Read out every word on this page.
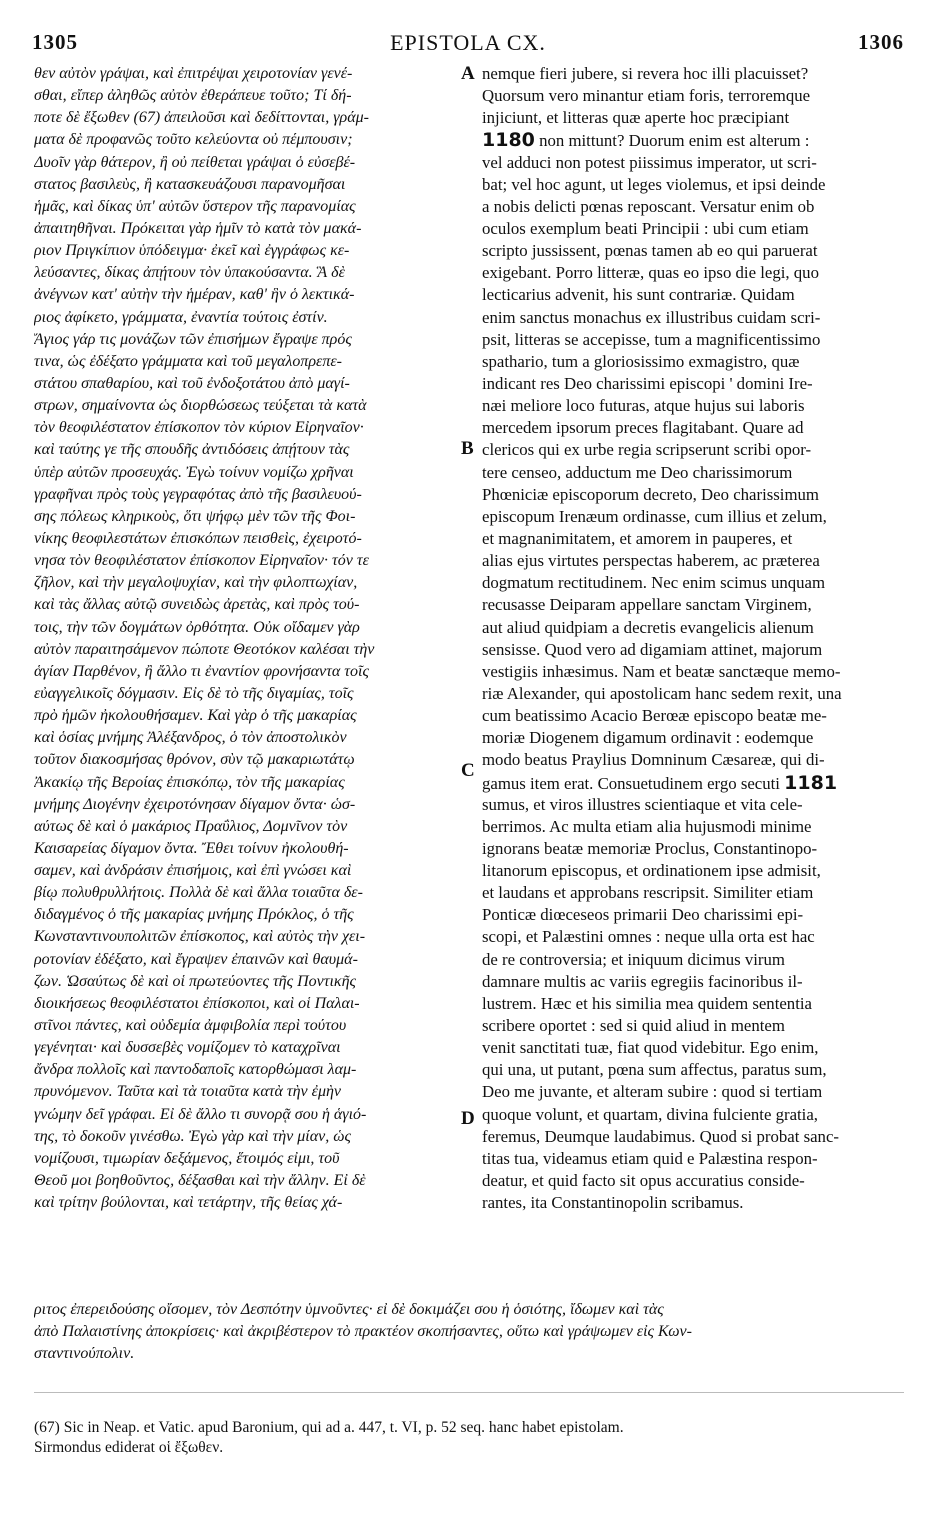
1305	EPISTOLA CX.	1306
θεν αὐτὸν γράψαι, καὶ ἐπιτρέψαι χειροτονίαν γενέ-
σθαι, εἴπερ ἀληθῶς αὐτὸν ἐθεράπευε τοῦτο; Τί δή-
ποτε δὲ ἔξωθεν (67) ἀπειλοῦσι καὶ δεδίττονται, γράμ-
ματα δὲ προφανῶς τοῦτο κελεύοντα οὐ πέμπουσιν;
Δυοῖν γὰρ θάτερον, ἢ οὐ πείθεται γράψαι ὁ εὐσεβέ-
στατος βασιλεὺς, ἢ κατασκευάζουσι παρανομῆσαι
ἡμᾶς, καὶ δίκας ὑπ' αὐτῶν ὕστερον τῆς παρανομίας
ἀπαιτηθῆναι. Πρόκειται γὰρ ἡμῖν τὸ κατὰ τὸν μακά-
ριον Πριγκίπιον ὑπόδειγμα· ἐκεῖ καὶ ἐγγράφως κε-
λεύσαντες, δίκας ἀπῄτουν τὸν ὑπακούσαντα. Ἃ δὲ
ἀνέγνων κατ' αὐτὴν τὴν ἡμέραν, καθ' ἣν ὁ λεκτικά-
ριος ἀφίκετο, γράμματα, ἐναντία τούτοις ἐστίν.
Ἅγιος γάρ τις μονάζων τῶν ἐπισήμων ἔγραψε πρός
τινα, ὡς ἐδέξατο γράμματα καὶ τοῦ μεγαλοπρεπε-
στάτου σπαθαρίου, καὶ τοῦ ἐνδοξοτάτου ἀπὸ μαγί-
στρων, σημαίνοντα ὡς διορθώσεως τεύξεται τὰ κατὰ
τὸν θεοφιλέστατον ἐπίσκοπον τὸν κύριον Εἰρηναῖον·
καὶ ταύτης γε τῆς σπουδῆς ἀντιδόσεις ἀπῄτουν τὰς
ὑπὲρ αὐτῶν προσευχάς. Ἐγὼ τοίνυν νομίζω χρῆναι
γραφῆναι πρὸς τοὺς γεγραφότας ἀπὸ τῆς βασιλευού-
σης πόλεως κληρικοὺς, ὅτι ψήφῳ μὲν τῶν τῆς Φοι-
νίκης θεοφιλεστάτων ἐπισκόπων πεισθεὶς, ἐχειροτό-
νησα τὸν θεοφιλέστατον ἐπίσκοπον Εἰρηναῖον· τόν τε
ζῆλον, καὶ τὴν μεγαλοψυχίαν, καὶ τὴν φιλοπτωχίαν,
καὶ τὰς ἄλλας αὐτῷ συνειδὼς ἀρετὰς, καὶ πρὸς τού-
τοις, τὴν τῶν δογμάτων ὀρθότητα. Οὐκ οἴδαμεν γὰρ
αὐτὸν παραιτησάμενον πώποτε Θεοτόκον καλέσαι τὴν
ἁγίαν Παρθένον, ἢ ἄλλο τι ἐναντίον φρονήσαντα τοῖς
εὐαγγελικοῖς δόγμασιν. Εἰς δὲ τὸ τῆς διγαμίας, τοῖς
πρὸ ἡμῶν ἠκολουθήσαμεν. Καὶ γὰρ ὁ τῆς μακαρίας
καὶ ὁσίας μνήμης Ἀλέξανδρος, ὁ τὸν ἀποστολικὸν
τοῦτον διακοσμήσας θρόνον, σὺν τῷ μακαριωτάτῳ
Ἀκακίῳ τῆς Βεροίας ἐπισκόπῳ, τὸν τῆς μακαρίας
μνήμης Διογένην ἐχειροτόνησαν δίγαμον ὄντα· ὡσ-
αύτως δὲ καὶ ὁ μακάριος Πραΰλιος, Δομνῖνον τὸν
Καισαρείας δίγαμον ὄντα. Ἔθει τοίνυν ἠκολουθή-
σαμεν, καὶ ἀνδράσιν ἐπισήμοις, καὶ ἐπὶ γνώσει καὶ
βίῳ πολυθρυλλήτοις. Πολλὰ δὲ καὶ ἄλλα τοιαῦτα δε-
διδαγμένος ὁ τῆς μακαρίας μνήμης Πρόκλος, ὁ τῆς
Κωνσταντινουπολιτῶν ἐπίσκοπος, καὶ αὐτὸς τὴν χει-
ροτονίαν ἐδέξατο, καὶ ἔγραψεν ἐπαινῶν καὶ θαυμά-
ζων. Ὡσαύτως δὲ καὶ οἱ πρωτεύοντες τῆς Ποντικῆς
διοικήσεως θεοφιλέστατοι ἐπίσκοποι, καὶ οἱ Παλαι-
στῖνοι πάντες, καὶ οὐδεμία ἀμφιβολία περὶ τούτου
γεγένηται· καὶ δυσσεβὲς νομίζομεν τὸ καταχρῖναι
ἄνδρα πολλοῖς καὶ παντοδαποῖς κατορθώμασι λαμ-
πρυνόμενον. Ταῦτα καὶ τὰ τοιαῦτα κατὰ τὴν ἐμὴν
γνώμην δεῖ γράφαι. Εἰ δὲ ἄλλο τι συνορᾷ σου ἡ ἁγιό-
της, τὸ δοκοῦν γινέσθω. Ἐγὼ γὰρ καὶ τὴν μίαν, ὡς
νομίζουσι, τιμωρίαν δεξάμενος, ἕτοιμός εἰμι, τοῦ
Θεοῦ μοι βοηθοῦντος, δέξασθαι καὶ τὴν ἄλλην. Εἰ δὲ
καὶ τρίτην βούλονται, καὶ τετάρτην, τῆς θείας χά-
nemque fieri jubere, si revera hoc illi placuisset?
Quorsum vero minantur etiam foris, terroremque
injiciunt, et litteras quæ aperte hoc præcipiant
1180 non mittunt? Duorum enim est alterum :
vel adduci non potest piissimus imperator, ut scri-
bat; vel hoc agunt, ut leges violemus, et ipsi deinde
a nobis delicti pœnas reposcant. Versatur enim ob
oculos exemplum beati Principii : ubi cum etiam
scripto jussissent, pœnas tamen ab eo qui paruerat
exigebant. Porro litteræ, quas eo ipso die legi, quo
lecticarius advenit, his sunt contrariæ. Quidam
enim sanctus monachus ex illustribus cuidam scri-
psit, litteras se accepisse, tum a magnificentissimo
spathario, tum a gloriosissimo exmagistro, quæ
indicant res Deo charissimi episcopi ' domini Ire-
næi meliore loco futuras, atque hujus sui laboris
mercedem ipsorum preces flagitabant. Quare ad
clericos qui ex urbe regia scripserunt scribi opor-
tere censeo, adductum me Deo charissimorum
Phœniciæ episcoporum decreto, Deo charissimum
episcopum Irenæum ordinasse, cum illius et zelum,
et magnanimitatem, et amorem in pauperes, et
alias ejus virtutes perspectas haberem, ac præterea
dogmatum rectitudinem. Nec enim scimus unquam
recusasse Deiparam appellare sanctam Virginem,
aut aliud quidpiam a decretis evangelicis alienum
sensisse. Quod vero ad digamiam attinet, majorum
vestigiis inhæsimus. Nam et beatæ sanctæque memo-
riæ Alexander, qui apostolicam hanc sedem rexit, una
cum beatissimo Acacio Berœæ episcopo beatæ me-
moriæ Diogenem digamum ordinavit : eodemque
modo beatus Praylius Domninum Cæsareæ, qui di-
gamus item erat. Consuetudinem ergo secuti 1181
sumus, et viros illustres scientiaque et vita cele-
berrimos. Ac multa etiam alia hujusmodi minime
ignorans beatæ memoriæ Proclus, Constantinopo-
litanorum episcopus, et ordinationem ipse admisit,
et laudans et approbans rescripsit. Similiter etiam
Ponticæ diœceseos primarii Deo charissimi epi-
scopi, et Palæstini omnes : neque ulla orta est hac
de re controversia; et iniquum dicimus virum
damnare multis ac variis egregiis facinoribus il-
lustrem. Hæc et his similia mea quidem sententia
scribere oportet : sed si quid aliud in mentem
venit sanctitati tuæ, fiat quod videbitur. Ego enim,
qui una, ut putant, pœna sum affectus, paratus sum,
Deo me juvante, et alteram subire : quod si tertiam
quoque volunt, et quartam, divina fulciente gratia,
feremus, Deumque laudabimus. Quod si probat sanc-
titas tua, videamus etiam quid e Palæstina respon-
deatur, et quid facto sit opus accuratius conside-
rantes, ita Constantinopolin scribamus.
A
B
C
D
ριτος ἐπερειδούσης οἴσομεν, τὸν Δεσπότην ὑμνοῦντες· εἰ δὲ δοκιμάζει σου ἡ ὁσιότης, ἴδωμεν καὶ τὰς
ἀπὸ Παλαιστίνης ἀποκρίσεις· καὶ ἀκριβέστερον τὸ πρακτέον σκοπήσαντες, οὕτω καὶ γράψωμεν εἰς Κων-
σταντινούπολιν.
(67) Sic in Neap. et Vatic. apud Baronium, qui ad a. 447, t. VI, p. 52 seq. hanc habet epistolam.
Sirmondus ediderat οἱ ἔξωθεν.
